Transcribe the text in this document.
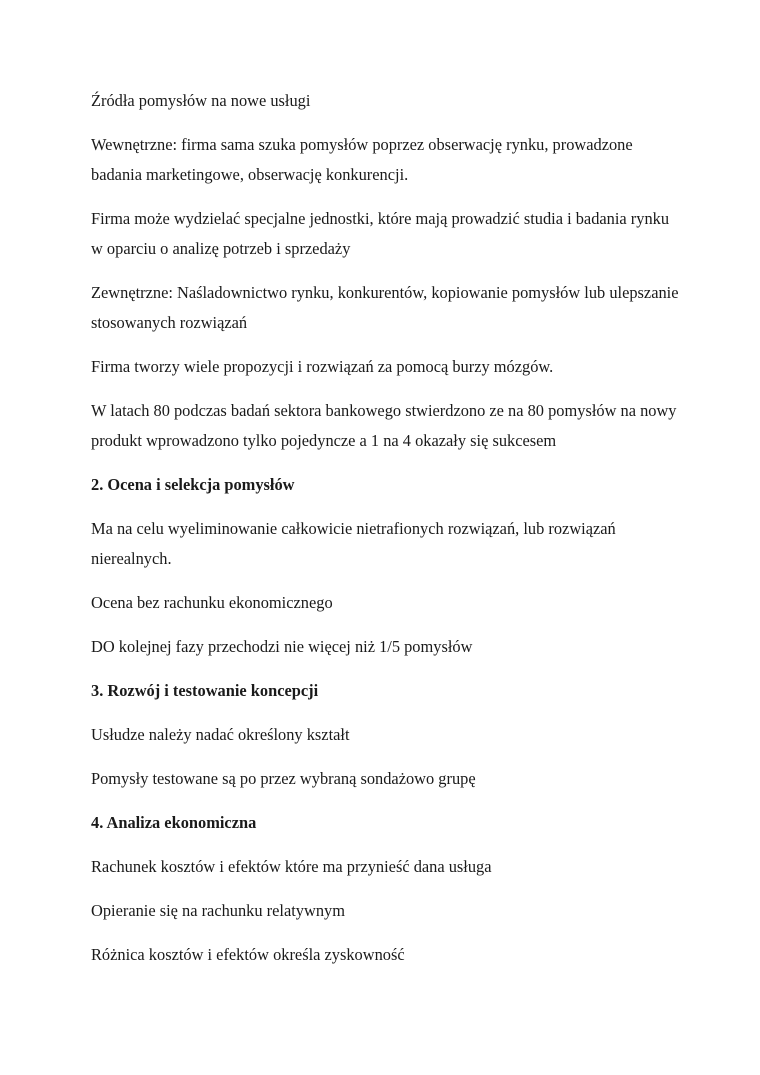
Źródła pomysłów na nowe usługi

Wewnętrzne: firma sama szuka pomysłów poprzez obserwację rynku, prowadzone badania marketingowe, obserwację konkurencji.

Firma może wydzielać specjalne jednostki, które mają prowadzić studia i badania rynku w oparciu o analizę potrzeb i sprzedaży

Zewnętrzne: Naśladownictwo rynku, konkurentów, kopiowanie pomysłów lub ulepszanie stosowanych rozwiązań

Firma tworzy wiele propozycji i rozwiązań za pomocą burzy mózgów.

W latach 80 podczas badań sektora bankowego stwierdzono ze na 80 pomysłów na nowy produkt wprowadzono tylko pojedyncze a 1 na 4 okazały się sukcesem

2. Ocena i selekcja pomysłów

Ma na celu wyeliminowanie całkowicie nietrafionych rozwiązań, lub rozwiązań nierealnych.

Ocena bez rachunku ekonomicznego

DO kolejnej fazy przechodzi nie więcej niż 1/5 pomysłów

3. Rozwój i testowanie koncepcji

Usłudze należy nadać określony kształt

Pomysły testowane są po przez wybraną sondażowo grupę

4. Analiza ekonomiczna

Rachunek kosztów i efektów które ma przynieść dana usługa

Opieranie się na rachunku relatywnym

Różnica kosztów i efektów określa zyskowność
